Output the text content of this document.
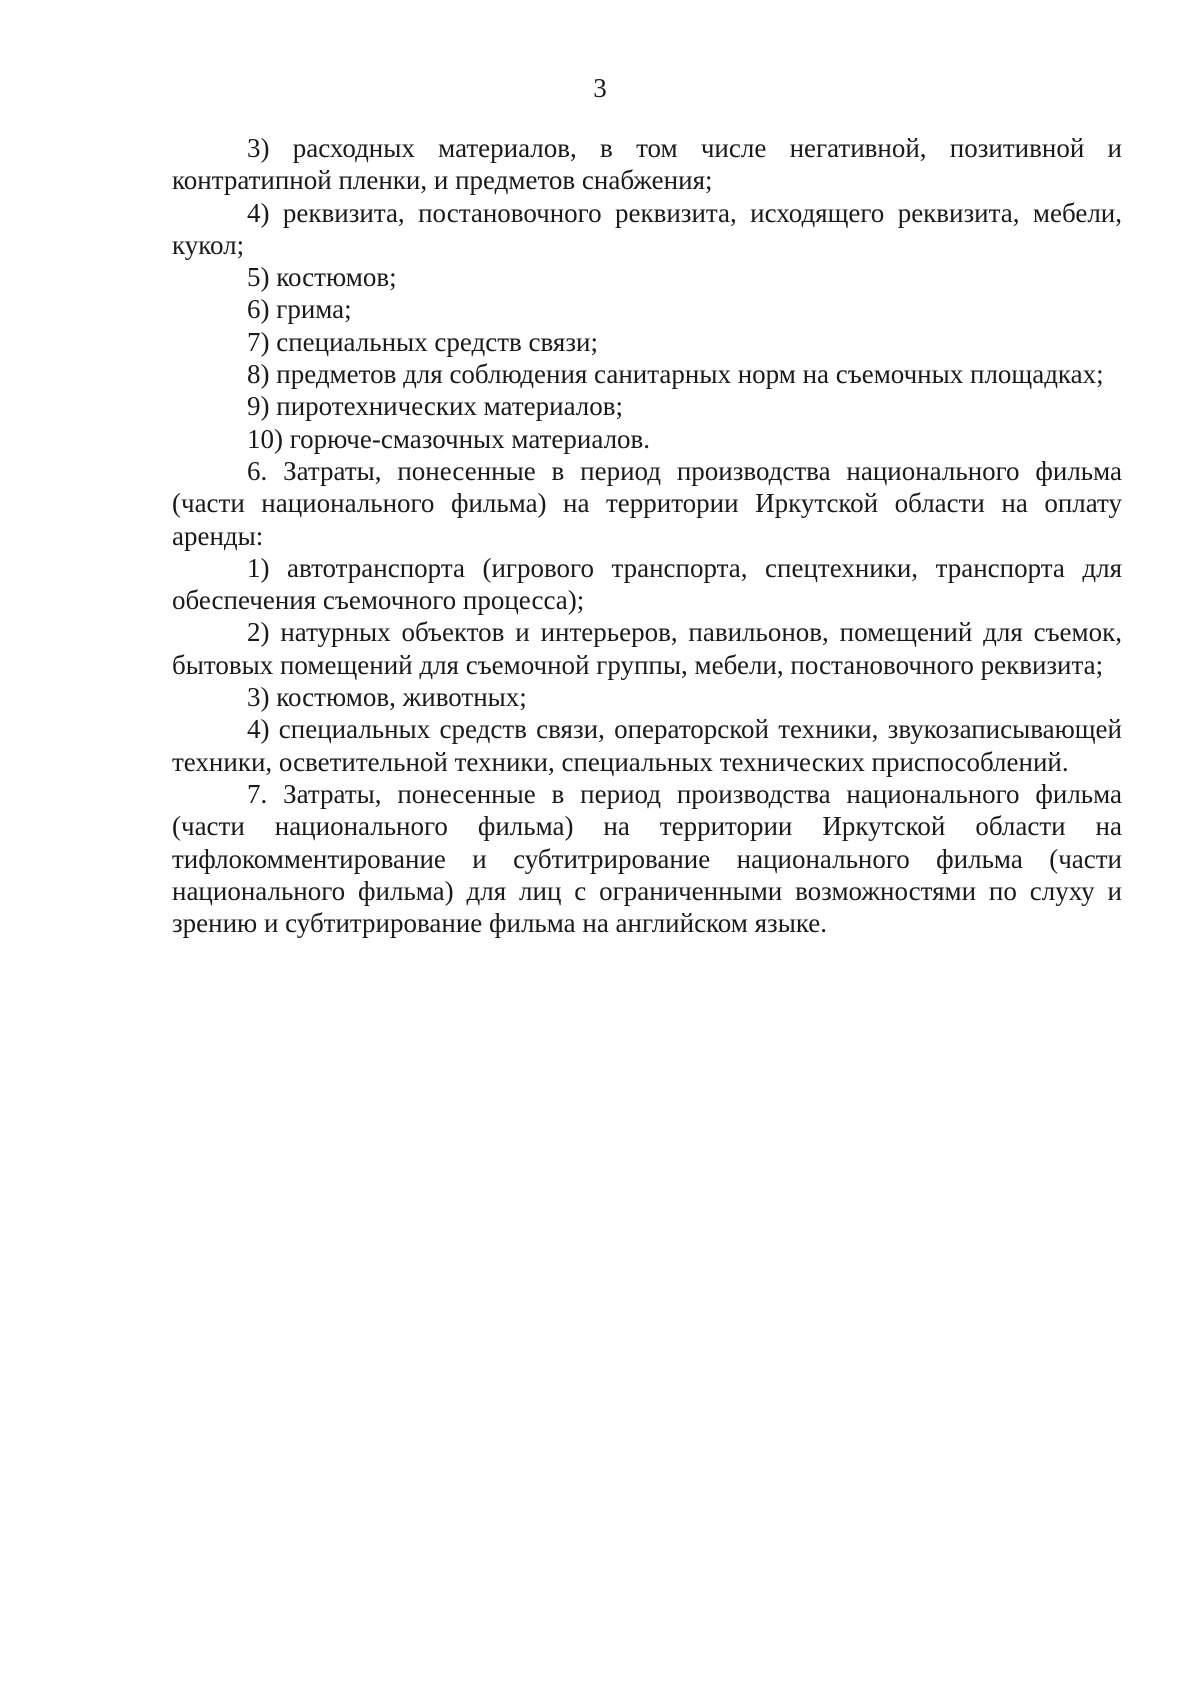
3

3) расходных материалов, в том числе негативной, позитивной и контратипной пленки, и предметов снабжения;

4) реквизита, постановочного реквизита, исходящего реквизита, мебели, кукол;

5) костюмов;

6) грима;

7) специальных средств связи;

8) предметов для соблюдения санитарных норм на съемочных площадках;

9) пиротехнических материалов;

10) горюче-смазочных материалов.

6. Затраты, понесенные в период производства национального фильма (части национального фильма) на территории Иркутской области на оплату аренды:

1) автотранспорта (игрового транспорта, спецтехники, транспорта для обеспечения съемочного процесса);

2) натурных объектов и интерьеров, павильонов, помещений для съемок, бытовых помещений для съемочной группы, мебели, постановочного реквизита;

3) костюмов, животных;

4) специальных средств связи, операторской техники, звукозаписывающей техники, осветительной техники, специальных технических приспособлений.

7. Затраты, понесенные в период производства национального фильма (части национального фильма) на территории Иркутской области на тифлокомментирование и субтитрирование национального фильма (части национального фильма) для лиц с ограниченными возможностями по слуху и зрению и субтитрирование фильма на английском языке.
